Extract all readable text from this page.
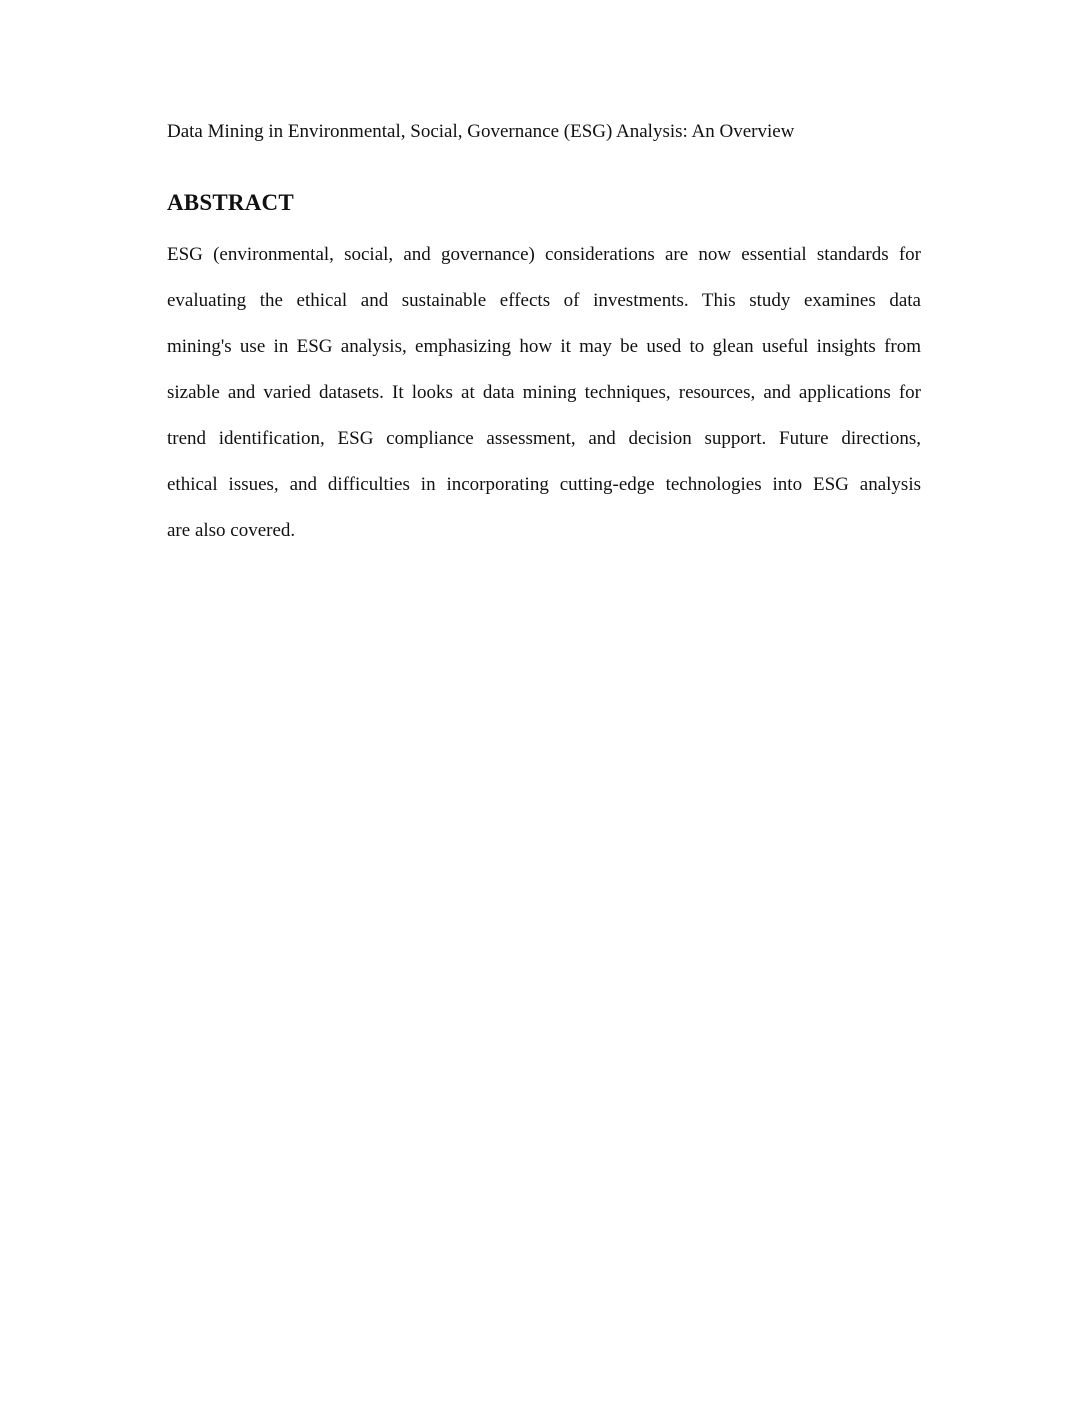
Data Mining in Environmental, Social, Governance (ESG) Analysis: An Overview
ABSTRACT
ESG (environmental, social, and governance) considerations are now essential standards for
evaluating the ethical and sustainable effects of investments. This study examines data
mining's use in ESG analysis, emphasizing how it may be used to glean useful insights from
sizable and varied datasets. It looks at data mining techniques, resources, and applications for
trend identification, ESG compliance assessment, and decision support. Future directions,
ethical issues, and difficulties in incorporating cutting-edge technologies into ESG analysis
are also covered.
